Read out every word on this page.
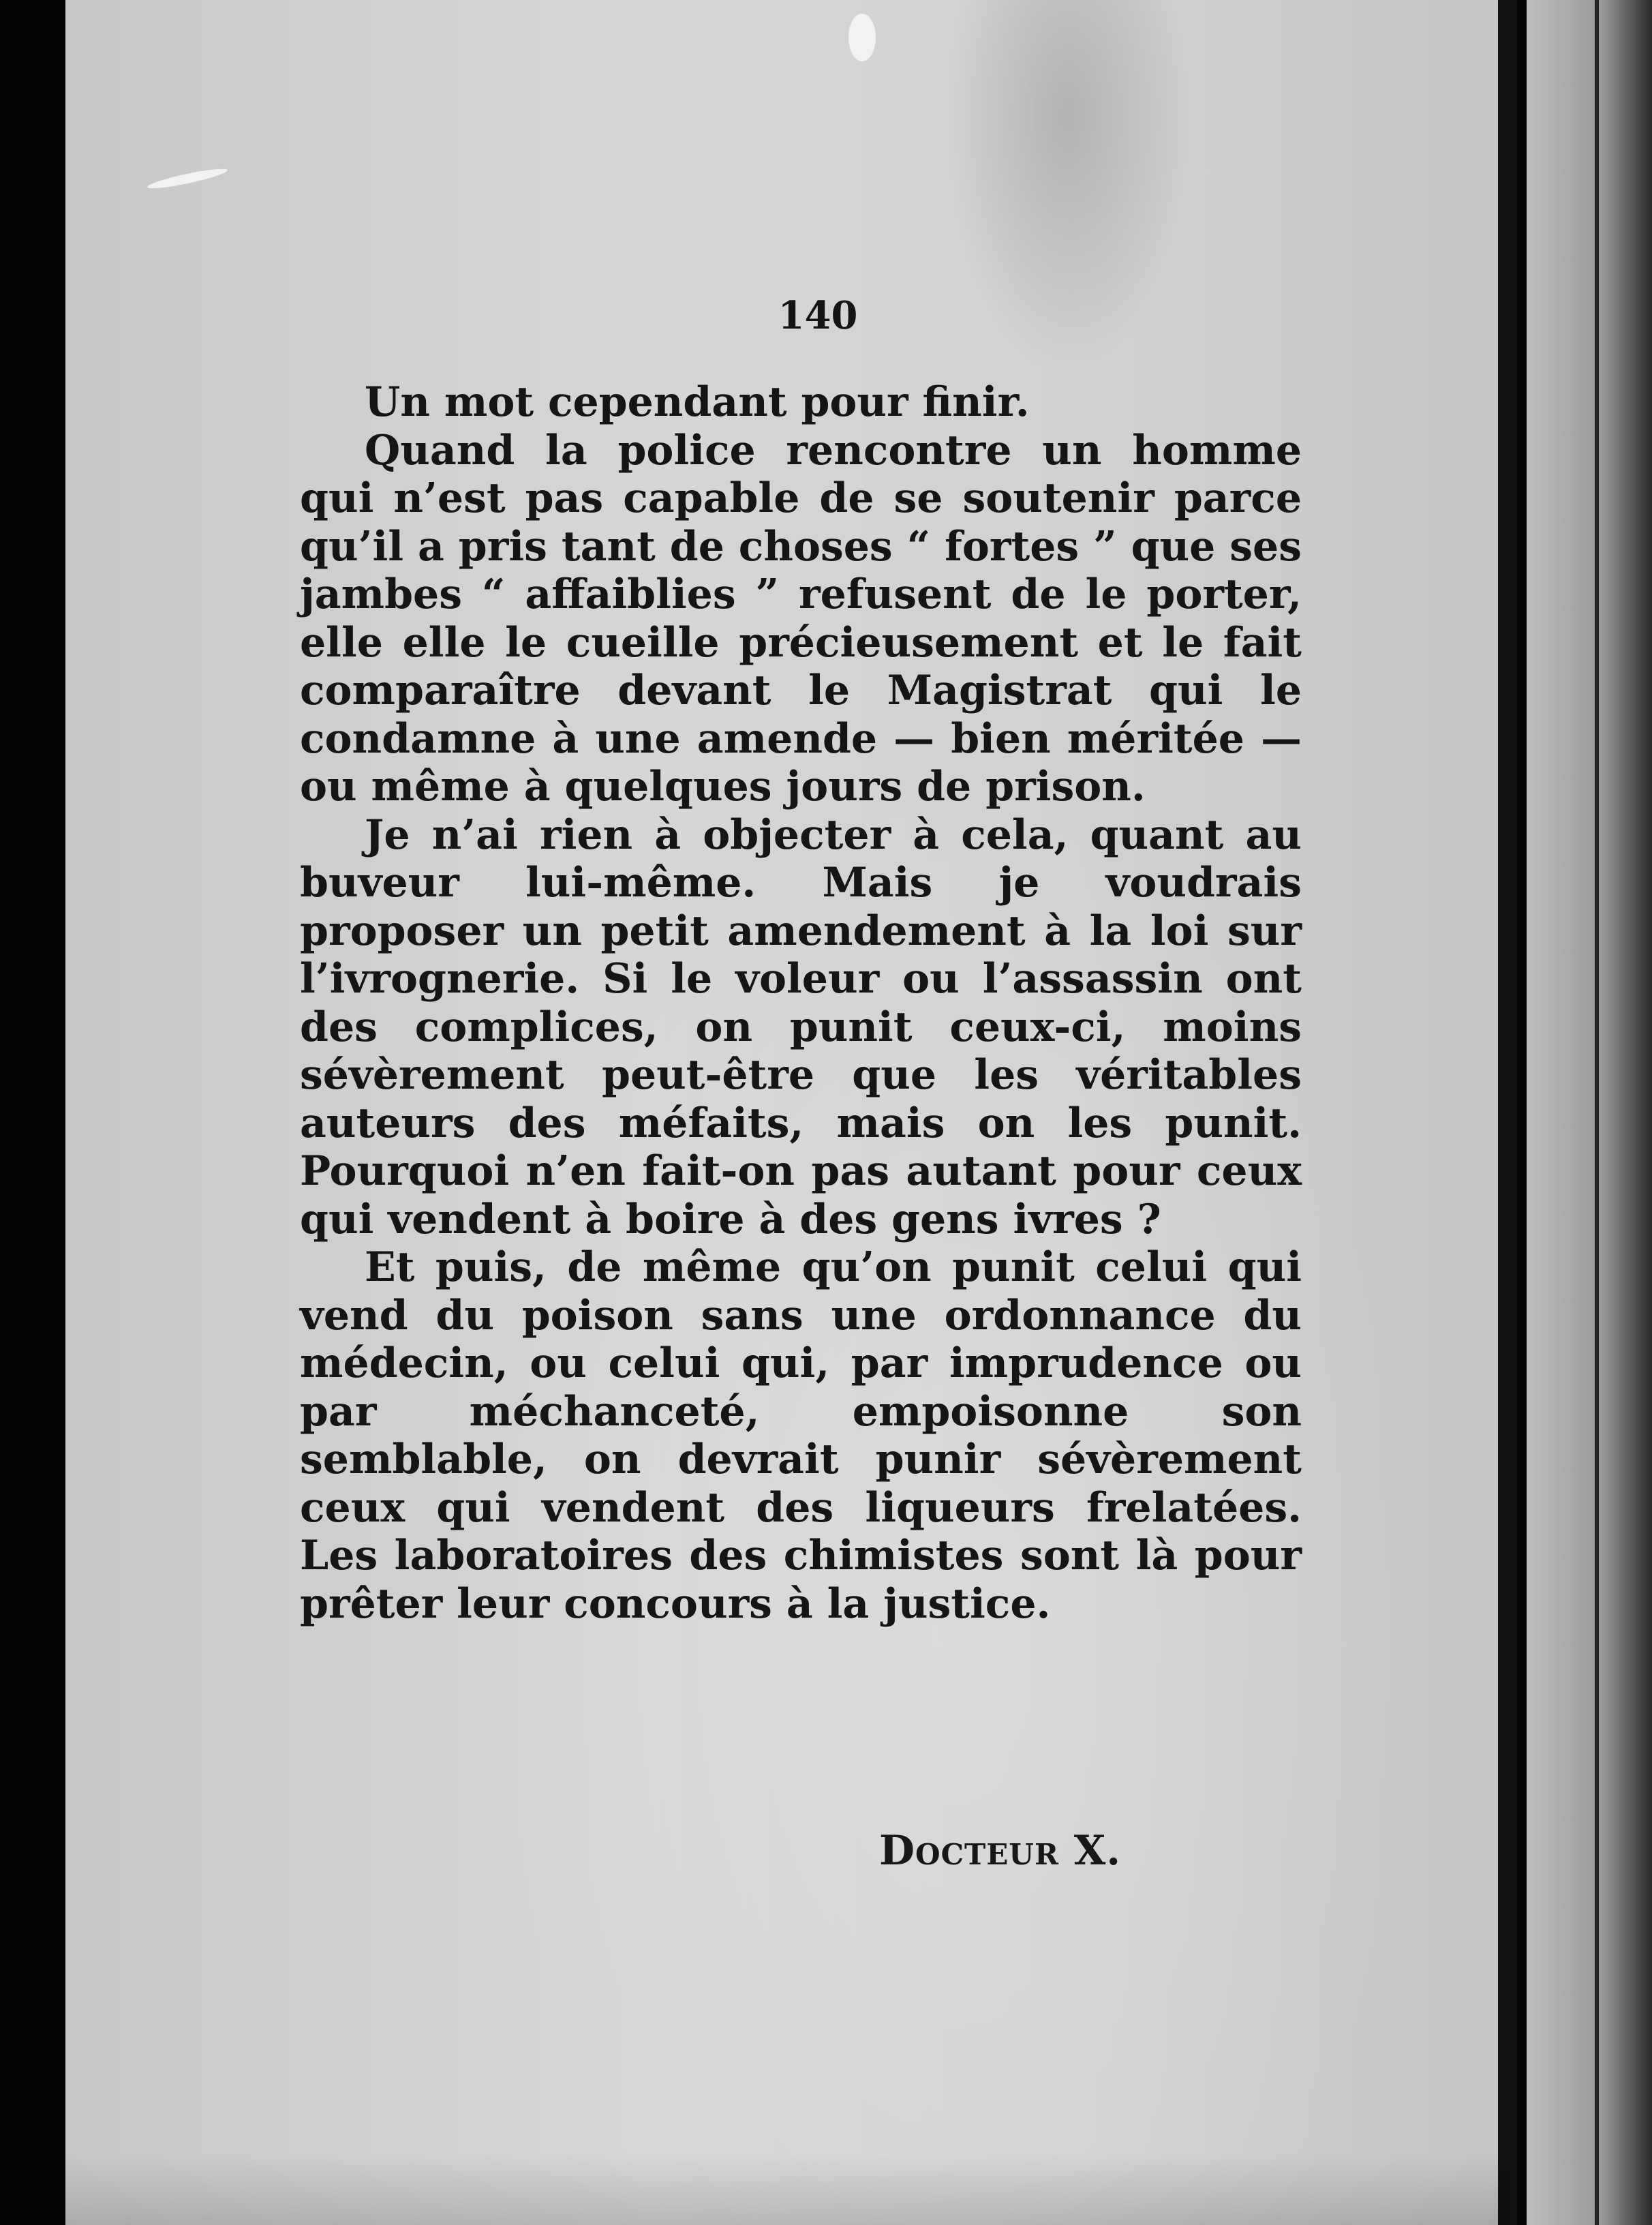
140

Un mot cependant pour finir.

Quand la police rencontre un homme qui n’est pas capable de se soutenir parce qu’il a pris tant de choses “ fortes ” que ses jambes “ affaiblies ” refusent de le porter, elle elle le cueille précieusement et le fait comparaître devant le Magistrat qui le condamne à une amende — bien méritée — ou même à quelques jours de prison.

Je n’ai rien à objecter à cela, quant au buveur lui-même. Mais je voudrais proposer un petit amendement à la loi sur l’ivrognerie. Si le voleur ou l’assassin ont des complices, on punit ceux-ci, moins sévèrement peut-être que les véritables auteurs des méfaits, mais on les punit. Pourquoi n’en fait-on pas autant pour ceux qui vendent à boire à des gens ivres ?

Et puis, de même qu’on punit celui qui vend du poison sans une ordonnance du médecin, ou celui qui, par imprudence ou par méchanceté, empoisonne son semblable, on devrait punir sévèrement ceux qui vendent des liqueurs frelatées. Les laboratoires des chimistes sont là pour prêter leur concours à la justice.

Docteur X.
